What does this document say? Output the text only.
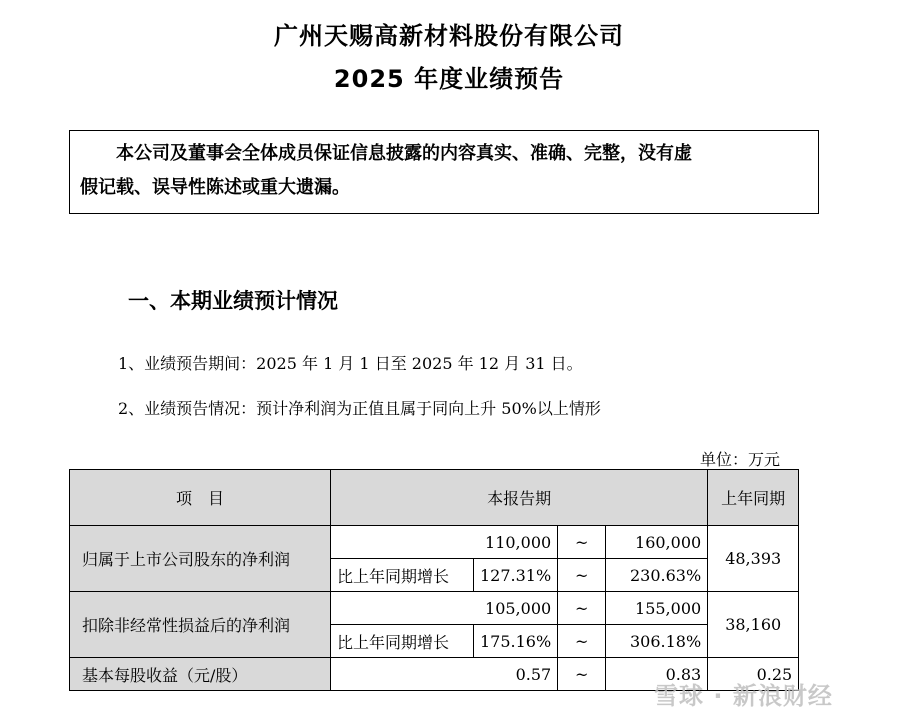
广州天赐高新材料股份有限公司
2025 年度业绩预告
本公司及董事会全体成员保证信息披露的内容真实、准确、完整，没有虚
假记载、误导性陈述或重大遗漏。
一、本期业绩预计情况
1、业绩预告期间：2025 年 1 月 1 日至 2025 年 12 月 31 日。
2、业绩预告情况：预计净利润为正值且属于同向上升 50%以上情形
单位：万元
项　目	本报告期				上年同期
归属于上市公司股东的净利润	110,000		~	160,000	48,393
	比上年同期增长	127.31%	~	230.63%	
扣除非经常性损益后的净利润	105,000		~	155,000	38,160
	比上年同期增长	175.16%	~	306.18%	
基本每股收益（元/股）	0.57		~	0.83	0.25
雪球 · 新浪财经
